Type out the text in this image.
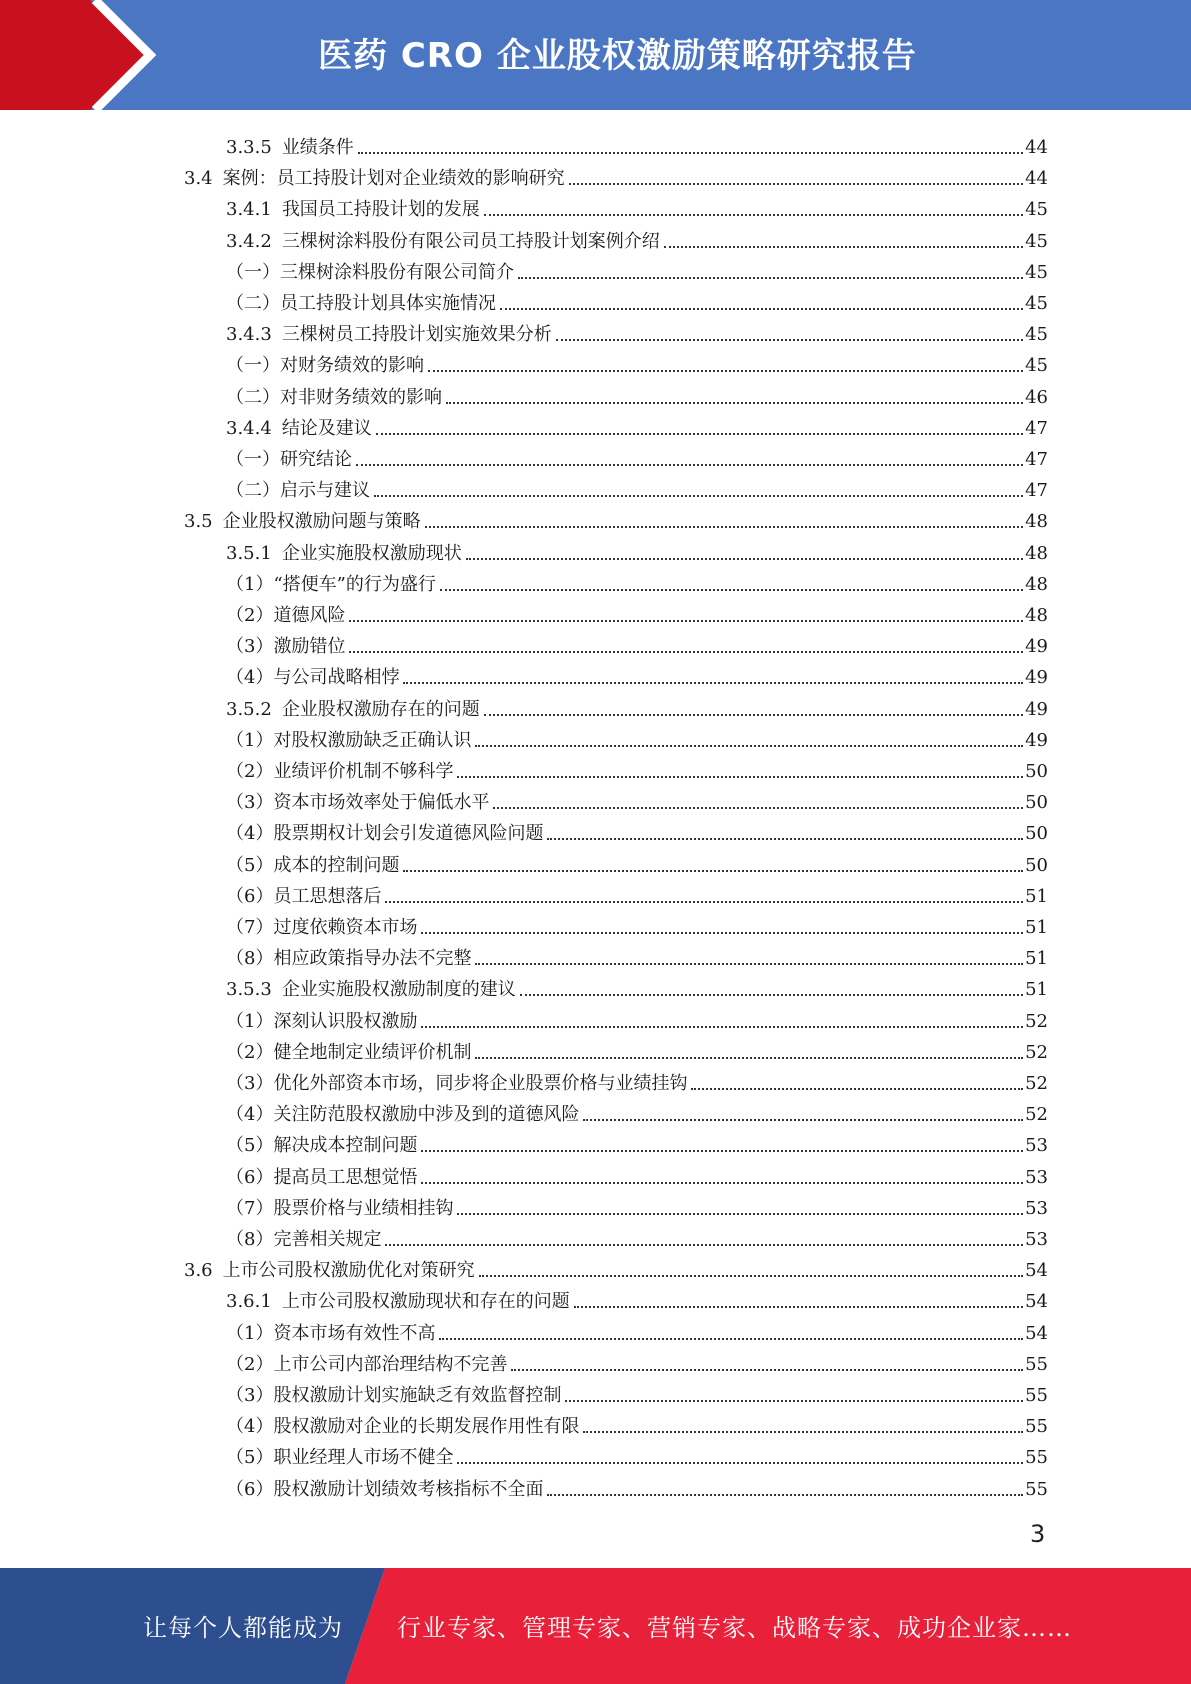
医药 CRO 企业股权激励策略研究报告
3.3.5 业绩条件	44
3.4 案例：员工持股计划对企业绩效的影响研究	44
3.4.1 我国员工持股计划的发展	45
3.4.2 三棵树涂料股份有限公司员工持股计划案例介绍	45
（一） 三棵树涂料股份有限公司简介	45
（二） 员工持股计划具体实施情况	45
3.4.3 三棵树员工持股计划实施效果分析	45
（一） 对财务绩效的影响	45
（二） 对非财务绩效的影响	46
3.4.4 结论及建议	47
（一） 研究结论	47
（二） 启示与建议	47
3.5 企业股权激励问题与策略	48
3.5.1 企业实施股权激励现状	48
（1） “搭便车”的行为盛行	48
（2） 道德风险	48
（3） 激励错位	49
（4） 与公司战略相悖	49
3.5.2 企业股权激励存在的问题	49
（1） 对股权激励缺乏正确认识	49
（2） 业绩评价机制不够科学	50
（3） 资本市场效率处于偏低水平	50
（4） 股票期权计划会引发道德风险问题	50
（5） 成本的控制问题	50
（6） 员工思想落后	51
（7） 过度依赖资本市场	51
（8） 相应政策指导办法不完整	51
3.5.3 企业实施股权激励制度的建议	51
（1） 深刻认识股权激励	52
（2） 健全地制定业绩评价机制	52
（3） 优化外部资本市场，同步将企业股票价格与业绩挂钩	52
（4） 关注防范股权激励中涉及到的道德风险	52
（5） 解决成本控制问题	53
（6） 提高员工思想觉悟	53
（7） 股票价格与业绩相挂钩	53
（8） 完善相关规定	53
3.6 上市公司股权激励优化对策研究	54
3.6.1 上市公司股权激励现状和存在的问题	54
（1） 资本市场有效性不高	54
（2） 上市公司内部治理结构不完善	55
（3） 股权激励计划实施缺乏有效监督控制	55
（4） 股权激励对企业的长期发展作用性有限	55
（5） 职业经理人市场不健全	55
（6） 股权激励计划绩效考核指标不全面	55
3
让每个人都能成为 行业专家、管理专家、营销专家、战略专家、成功企业家……
